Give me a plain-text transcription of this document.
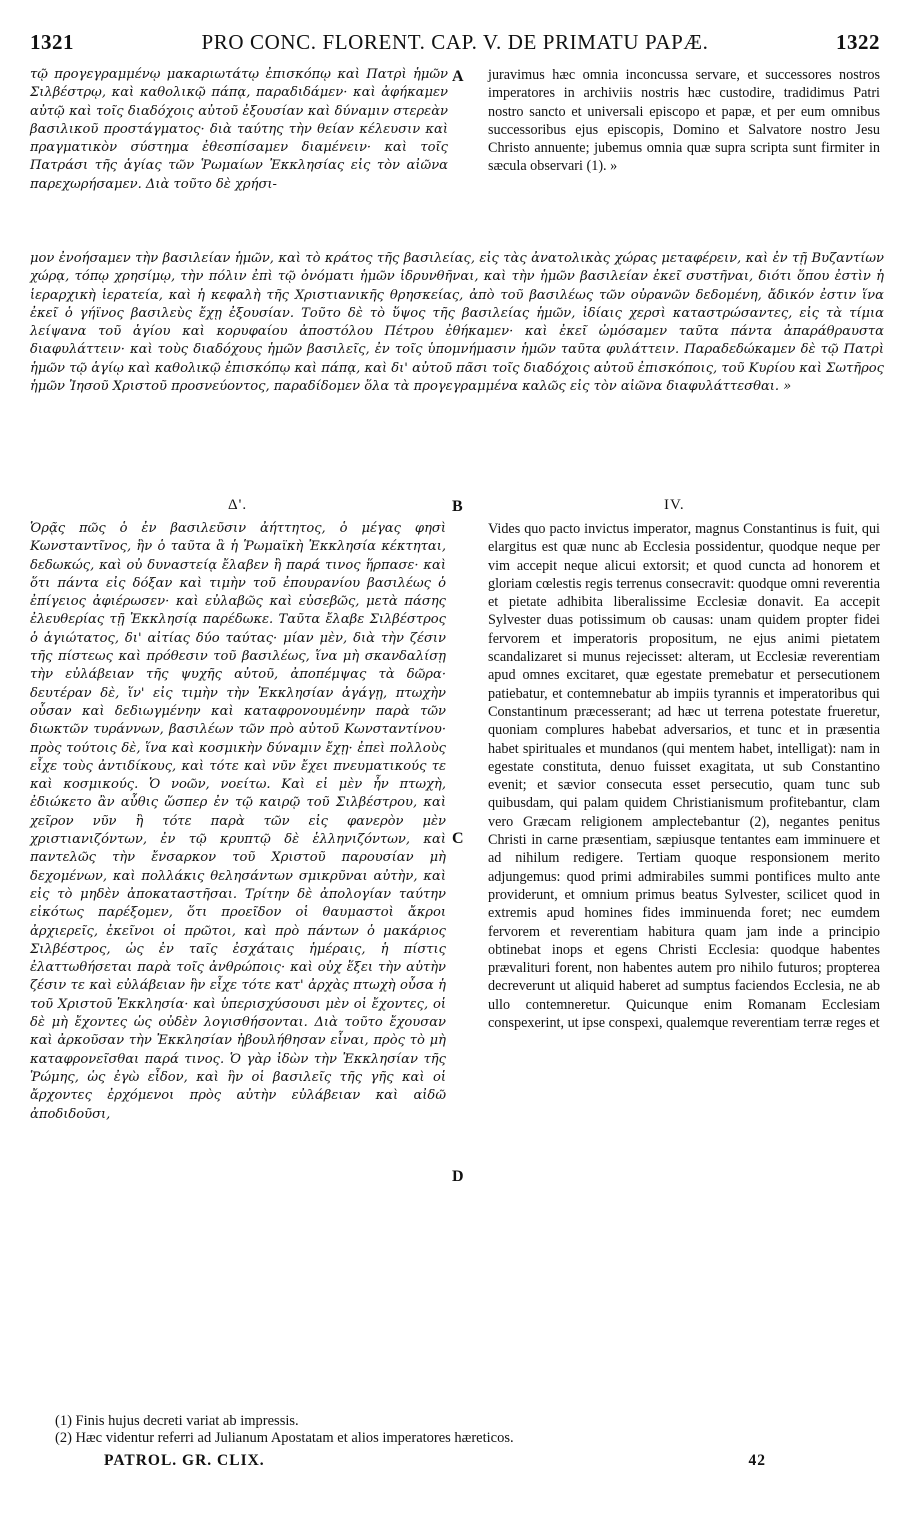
1321	PRO CONC. FLORENT. CAP. V. DE PRIMATU PAPÆ.	1322

τῷ προγεγραμμένῳ μακαριωτάτῳ ἐπισκόπῳ καὶ Πατρὶ ἡμῶν Σιλβέστρῳ, καὶ καθολικῷ πάπᾳ, παραδιδάμεν· καὶ ἀφήκαμεν αὐτῷ καὶ τοῖς διαδόχοις αὐτοῦ ἐξουσίαν καὶ δύναμιν στερεὰν βασιλικοῦ προστάγματος· διὰ ταύτης τὴν θείαν κέλευσιν καὶ πραγματικὸν σύστημα ἐθεσπίσαμεν διαμένειν· καὶ τοῖς Πατράσι τῆς ἁγίας τῶν Ῥωμαίων Ἐκκλησίας εἰς τὸν αἰῶνα παρεχωρήσαμεν. Διὰ τοῦτο δὲ χρήσι-

A juravimus hæc omnia inconcussa servare, et successores nostros imperatores in archiviis nostris hæc custodire, tradidimus Patri nostro sancto et universali episcopo et papæ, et per eum omnibus successoribus ejus episcopis, Domino et Salvatore nostro Jesu Christo annuente; jubemus omnia quæ supra scripta sunt firmiter in sæcula observari (1). »

μον ἐνοήσαμεν τὴν βασιλείαν ἡμῶν, καὶ τὸ κράτος τῆς βασιλείας, εἰς τὰς ἀνατολικὰς χώρας μεταφέρειν, καὶ ἐν τῇ Βυζαντίων χώρᾳ, τόπῳ χρησίμῳ, τὴν πόλιν ἐπὶ τῷ ὀνόματι ἡμῶν ἱδρυνθῆναι, καὶ τὴν ἡμῶν βασιλείαν ἐκεῖ συστῆναι, διότι ὅπου ἐστὶν ἡ ἱεραρχικὴ ἱερατεία, καὶ ἡ κεφαλὴ τῆς Χριστιανικῆς θρησκείας, ἀπὸ τοῦ βασιλέως τῶν οὐρανῶν δεδομένη, ἄδικόν ἐστιν ἵνα ἐκεῖ ὁ γήϊνος βασιλεὺς ἔχῃ ἐξουσίαν. Τοῦτο δὲ τὸ ὕψος τῆς βασιλείας ἡμῶν, ἰδίαις χερσὶ καταστρώσαντες, εἰς τὰ τίμια λείψανα τοῦ ἁγίου καὶ κορυφαίου ἀποστόλου Πέτρου ἐθήκαμεν· καὶ ἐκεῖ ὠμόσαμεν ταῦτα πάντα ἀπαράθραυστα διαφυλάττειν· καὶ τοὺς διαδόχους ἡμῶν βασιλεῖς, ἐν τοῖς ὑπομνήμασιν ἡμῶν ταῦτα φυλάττειν. Παραδεδώκαμεν δὲ τῷ Πατρὶ ἡμῶν τῷ ἁγίῳ καὶ καθολικῷ ἐπισκόπῳ καὶ πάπᾳ, καὶ δι' αὐτοῦ πᾶσι τοῖς διαδόχοις αὐτοῦ ἐπισκόποις, τοῦ Κυρίου καὶ Σωτῆρος ἡμῶν Ἰησοῦ Χριστοῦ προσνεύοντος, παραδίδομεν ὅλα τὰ προγεγραμμένα καλῶς εἰς τὸν αἰῶνα διαφυλάττεσθαι. »

Δ'.	B	IV.

Ὁρᾷς πῶς ὁ ἐν βασιλεῦσιν ἀήττητος, ὁ μέγας φησὶ Κωνσταντῖνος, ἣν ὁ ταῦτα ἃ ἡ Ῥωμαϊκὴ Ἐκκλησία κέκτηται, δεδωκώς, καὶ οὐ δυναστείᾳ ἔλαβεν ἢ παρά τινος ἥρπασε· καὶ ὅτι πάντα εἰς δόξαν καὶ τιμὴν τοῦ ἐπουρανίου βασιλέως ὁ ἐπίγειος ἀφιέρωσεν· καὶ εὐλαβῶς καὶ εὐσεβῶς, μετὰ πάσης ἐλευθερίας τῇ Ἐκκλησίᾳ παρέδωκε. Ταῦτα ἔλαβε Σιλβέστρος ὁ ἁγιώτατος, δι' αἰτίας δύο ταύτας· μίαν μὲν, διὰ τὴν ζέσιν τῆς πίστεως καὶ πρόθεσιν τοῦ βασιλέως, ἵνα μὴ σκανδαλίσῃ τὴν εὐλάβειαν τῆς ψυχῆς αὐτοῦ, ἀποπέμψας τὰ δῶρα· δευτέραν δὲ, ἵν' εἰς τιμὴν τὴν Ἐκκλησίαν ἀγάγῃ, πτωχὴν οὖσαν καὶ δεδιωγμένην καὶ καταφρονουμένην παρὰ τῶν διωκτῶν τυράννων, βασιλέων τῶν πρὸ αὐτοῦ Κωνσταντίνου· πρὸς τούτοις δὲ, ἵνα καὶ κοσμικὴν δύναμιν ἔχῃ· ἐπεὶ πολλοὺς εἶχε τοὺς ἀντιδίκους, καὶ τότε καὶ νῦν ἔχει πνευματικούς τε καὶ κοσμικούς. Ὁ νοῶν, νοείτω. Καὶ εἰ μὲν ἦν πτωχὴ, ἐδιώκετο ἂν αὖθις ὥσπερ ἐν τῷ καιρῷ τοῦ Σιλβέστρου, καὶ χεῖρον νῦν ἢ τότε παρὰ τῶν εἰς φανερὸν μὲν χριστιανιζόντων, ἐν τῷ κρυπτῷ δὲ ἑλληνιζόντων, καὶ παντελῶς τὴν ἔνσαρκον τοῦ Χριστοῦ παρουσίαν μὴ δεχομένων, καὶ πολλάκις θελησάντων σμικρῦναι αὐτὴν, καὶ εἰς τὸ μηδὲν ἀποκαταστῆσαι. Τρίτην δὲ ἀπολογίαν ταύτην εἰκότως παρέξομεν, ὅτι προεῖδον οἱ θαυμαστοὶ ἄκροι ἀρχιερεῖς, ἐκεῖνοι οἱ πρῶτοι, καὶ πρὸ πάντων ὁ μακάριος Σιλβέστρος, ὡς ἐν ταῖς ἐσχάταις ἡμέραις, ἡ πίστις ἐλαττωθήσεται παρὰ τοῖς ἀνθρώποις· καὶ οὐχ ἕξει τὴν αὐτὴν ζέσιν τε καὶ εὐλάβειαν ἣν εἶχε τότε κατ' ἀρχὰς πτωχὴ οὖσα ἡ τοῦ Χριστοῦ Ἐκκλησία· καὶ ὑπερισχύσουσι μὲν οἱ ἔχοντες, οἱ δὲ μὴ ἔχοντες ὡς οὐδὲν λογισθήσονται. Διὰ τοῦτο ἔχουσαν καὶ ἀρκοῦσαν τὴν Ἐκκλησίαν ἠβουλήθησαν εἶναι, πρὸς τὸ μὴ καταφρονεῖσθαι παρά τινος. Ὁ γὰρ ἰδὼν τὴν Ἐκκλησίαν τῆς Ῥώμης, ὡς ἐγὼ εἶδον, καὶ ἣν οἱ βασιλεῖς τῆς γῆς καὶ οἱ ἄρχοντες ἐρχόμενοι πρὸς αὐτὴν εὐλάβειαν καὶ αἰδῶ ἀποδιδοῦσι,

C
D

Vides quo pacto invictus imperator, magnus Constantinus is fuit, qui elargitus est quæ nunc ab Ecclesia possidentur, quodque neque per vim accepit neque alicui extorsit; et quod cuncta ad honorem et gloriam cœlestis regis terrenus consecravit: quodque omni reverentia et pietate adhibita liberalissime Ecclesiæ donavit. Ea accepit Sylvester duas potissimum ob causas: unam quidem propter fidei fervorem et imperatoris propositum, ne ejus animi pietatem scandalizaret si munus rejecisset: alteram, ut Ecclesiæ reverentiam apud omnes excitaret, quæ egestate premebatur et persecutionem patiebatur, et contemnebatur ab impiis tyrannis et imperatoribus qui Constantinum præcesserant; ad hæc ut terrena potestate frueretur, quoniam complures habebat adversarios, et tunc et in præsentia habet spirituales et mundanos (qui mentem habet, intelligat): nam in egestate constituta, denuo fuisset exagitata, ut sub Constantino evenit; et sævior consecuta esset persecutio, quam tunc sub quibusdam, qui palam quidem Christianismum profitebantur, clam vero Græcam religionem amplectebantur (2), negantes penitus Christi in carne præsentiam, sæpiusque tentantes eam imminuere et ad nihilum redigere. Tertiam quoque responsionem merito adjungemus: quod primi admirabiles summi pontifices multo ante providerunt, et omnium primus beatus Sylvester, scilicet quod in extremis apud homines fides imminuenda foret; nec eumdem fervorem et reverentiam habitura quam jam inde a principio obtinebat inops et egens Christi Ecclesia: quodque habentes prævalituri forent, non habentes autem pro nihilo futuros; propterea decreverunt ut aliquid haberet ad sumptus faciendos Ecclesia, ne ab ullo contemneretur. Quicunque enim Romanam Ecclesiam conspexerint, ut ipse conspexi, qualemque reverentiam terræ reges et

(1) Finis hujus decreti variat ab impressis.

(2) Hæc videntur referri ad Julianum Apostatam et alios imperatores hæreticos.

PATROL. GR. CLIX.	42
